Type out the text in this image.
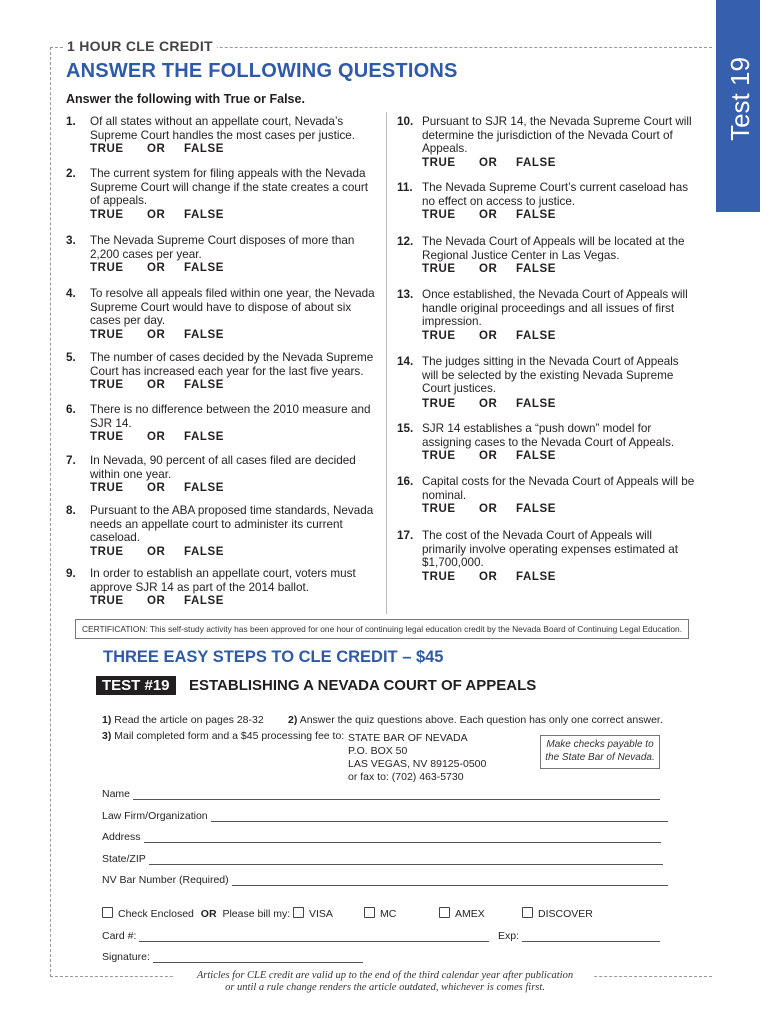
1 HOUR CLE CREDIT
ANSWER THE FOLLOWING QUESTIONS
Answer the following with True or False.	Test 19
1. Of all states without an appellate court, Nevada’s Supreme Court handles the most cases per justice.
TRUE OR FALSE
2. The current system for filing appeals with the Nevada Supreme Court will change if the state creates a court of appeals.
TRUE OR FALSE
3. The Nevada Supreme Court disposes of more than 2,200 cases per year.
TRUE OR FALSE
4. To resolve all appeals filed within one year, the Nevada Supreme Court would have to dispose of about six cases per day.
TRUE OR FALSE
5. The number of cases decided by the Nevada Supreme Court has increased each year for the last five years.
TRUE OR FALSE
6. There is no difference between the 2010 measure and SJR 14.
TRUE OR FALSE
7. In Nevada, 90 percent of all cases filed are decided within one year.
TRUE OR FALSE
8. Pursuant to the ABA proposed time standards, Nevada needs an appellate court to administer its current caseload.
TRUE OR FALSE
9. In order to establish an appellate court, voters must approve SJR 14 as part of the 2014 ballot.
TRUE OR FALSE
10. Pursuant to SJR 14, the Nevada Supreme Court will determine the jurisdiction of the Nevada Court of Appeals.
TRUE OR FALSE
11. The Nevada Supreme Court’s current caseload has no effect on access to justice.
TRUE OR FALSE
12. The Nevada Court of Appeals will be located at the Regional Justice Center in Las Vegas.
TRUE OR FALSE
13. Once established, the Nevada Court of Appeals will handle original proceedings and all issues of first impression.
TRUE OR FALSE
14. The judges sitting in the Nevada Court of Appeals will be selected by the existing Nevada Supreme Court justices.
TRUE OR FALSE
15. SJR 14 establishes a “push down” model for assigning cases to the Nevada Court of Appeals.
TRUE OR FALSE
16. Capital costs for the Nevada Court of Appeals will be nominal.
TRUE OR FALSE
17. The cost of the Nevada Court of Appeals will primarily involve operating expenses estimated at $1,700,000.
TRUE OR FALSE
CERTIFICATION: This self-study activity has been approved for one hour of continuing legal education credit by the Nevada Board of Continuing Legal Education.
THREE EASY STEPS TO CLE CREDIT – $45
TEST #19	ESTABLISHING A NEVADA COURT OF APPEALS
1) Read the article on pages 28-32 2) Answer the quiz questions above. Each question has only one correct answer.
3) Mail completed form and a $45 processing fee to: STATE BAR OF NEVADA
P.O. BOX 50
LAS VEGAS, NV 89125-0500
or fax to: (702) 463-5730
Make checks payable to
the State Bar of Nevada.
Name
Law Firm/Organization
Address
State/ZIP
NV Bar Number (Required)
Check Enclosed OR Please bill my:	VISA	MC	AMEX	DISCOVER
Card #:	Exp:
Signature:
Articles for CLE credit are valid up to the end of the third calendar year after publication
or until a rule change renders the article outdated, whichever is comes first.
